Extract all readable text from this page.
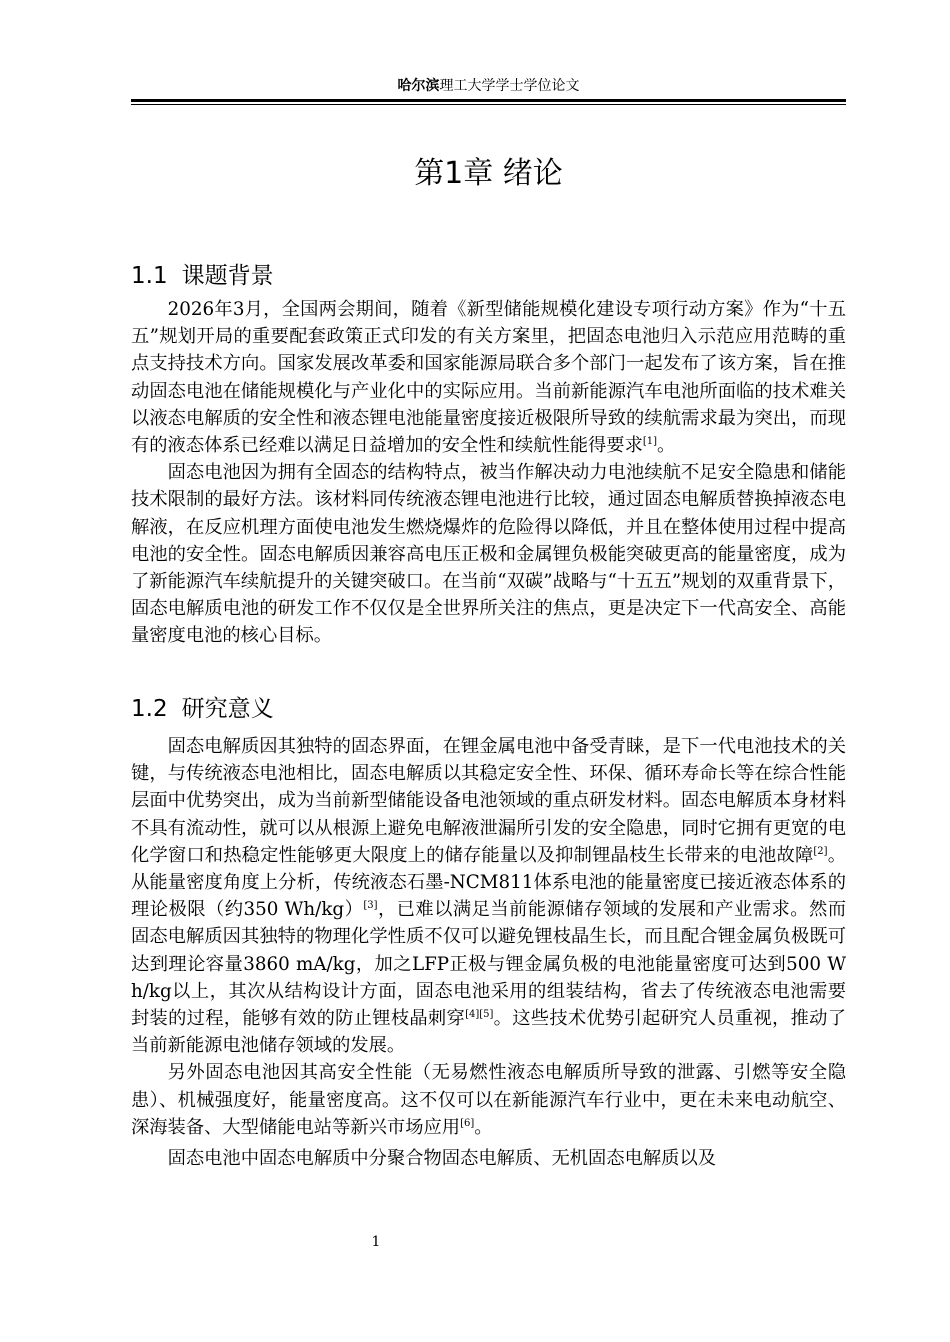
哈尔滨理工大学学士学位论文
第1章 绪论
1.1 课题背景

2026年3月，全国两会期间，随着《新型储能规模化建设专项行动方案》作为“十五五”规划开局的重要配套政策正式印发的有关方案里，把固态电池归入示范应用范畴的重点支持技术方向。国家发展改革委和国家能源局联合多个部门一起发布了该方案，旨在推动固态电池在储能规模化与产业化中的实际应用。当前新能源汽车电池所面临的技术难关以液态电解质的安全性和液态锂电池能量密度接近极限所导致的续航需求最为突出，而现有的液态体系已经难以满足日益增加的安全性和续航性能得要求[1]。

固态电池因为拥有全固态的结构特点，被当作解决动力电池续航不足安全隐患和储能技术限制的最好方法。该材料同传统液态锂电池进行比较，通过固态电解质替换掉液态电解液，在反应机理方面使电池发生燃烧爆炸的危险得以降低，并且在整体使用过程中提高电池的安全性。固态电解质因兼容高电压正极和金属锂负极能突破更高的能量密度，成为了新能源汽车续航提升的关键突破口。在当前“双碳”战略与“十五五”规划的双重背景下，固态电解质电池的研发工作不仅仅是全世界所关注的焦点，更是决定下一代高安全、高能量密度电池的核心目标。

1.2 研究意义

固态电解质因其独特的固态界面，在锂金属电池中备受青睐，是下一代电池技术的关键，与传统液态电池相比，固态电解质以其稳定安全性、环保、循环寿命长等在综合性能层面中优势突出，成为当前新型储能设备电池领域的重点研发材料。固态电解质本身材料不具有流动性，就可以从根源上避免电解液泄漏所引发的安全隐患，同时它拥有更宽的电化学窗口和热稳定性能够更大限度上的储存能量以及抑制锂晶枝生长带来的电池故障[2]。从能量密度角度上分析，传统液态石墨-NCM811体系电池的能量密度已接近液态体系的理论极限（约350 Wh/kg）[3]，已难以满足当前能源储存领域的发展和产业需求。然而固态电解质因其独特的物理化学性质不仅可以避免锂枝晶生长，而且配合锂金属负极既可达到理论容量3860 mA/kg，加之LFP正极与锂金属负极的电池能量密度可达到500 Wh/kg以上，其次从结构设计方面，固态电池采用的组装结构，省去了传统液态电池需要封装的过程，能够有效的防止锂枝晶刺穿[4][5]。这些技术优势引起研究人员重视，推动了当前新能源电池储存领域的发展。

另外固态电池因其高安全性能（无易燃性液态电解质所导致的泄露、引燃等安全隐患）、机械强度好，能量密度高。这不仅可以在新能源汽车行业中，更在未来电动航空、深海装备、大型储能电站等新兴市场应用[6]。

固态电池中固态电解质中分聚合物固态电解质、无机固态电解质以及

1
